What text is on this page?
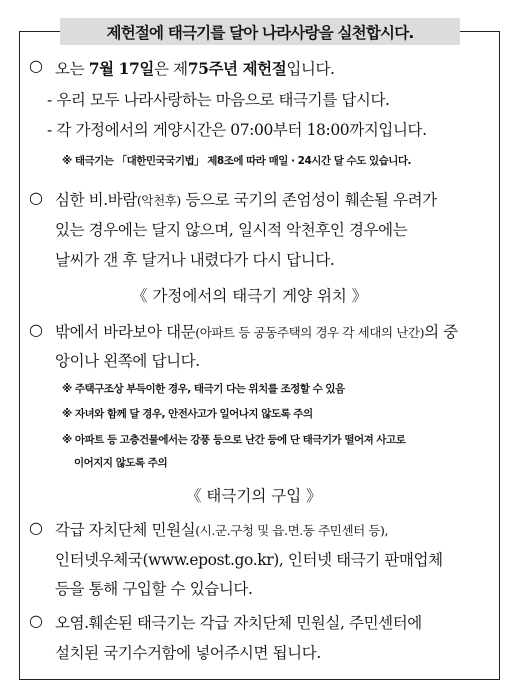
제헌절에 태극기를 달아 나라사랑을 실천합시다.
○ 오는 7월 17일은 제75주년 제헌절입니다.
- 우리 모두 나라사랑하는 마음으로 태극기를 답시다.
- 각 가정에서의 게양시간은 07:00부터 18:00까지입니다.
※ 태극기는 「대한민국국기법」 제8조에 따라 매일 · 24시간 달 수도 있습니다.
○ 심한 비.바람(악천후) 등으로 국기의 존엄성이 훼손될 우려가
있는 경우에는 달지 않으며, 일시적 악천후인 경우에는
날씨가 갠 후 달거나 내렸다가 다시 답니다.
《 가정에서의 태극기 게양 위치 》
○ 밖에서 바라보아 대문(아파트 등 공동주택의 경우 각 세대의 난간)의 중
앙이나 왼쪽에 답니다.
※ 주택구조상 부득이한 경우, 태극기 다는 위치를 조정할 수 있음
※ 자녀와 함께 달 경우, 안전사고가 일어나지 않도록 주의
※ 아파트 등 고층건물에서는 강풍 등으로 난간 등에 단 태극기가 떨어져 사고로
이어지지 않도록 주의
《 태극기의 구입 》
○ 각급 자치단체 민원실(시.군.구청 및 읍.면.동 주민센터 등),
인터넷우체국(www.epost.go.kr), 인터넷 태극기 판매업체
등을 통해 구입할 수 있습니다.
○ 오염.훼손된 태극기는 각급 자치단체 민원실, 주민센터에
설치된 국기수거함에 넣어주시면 됩니다.
